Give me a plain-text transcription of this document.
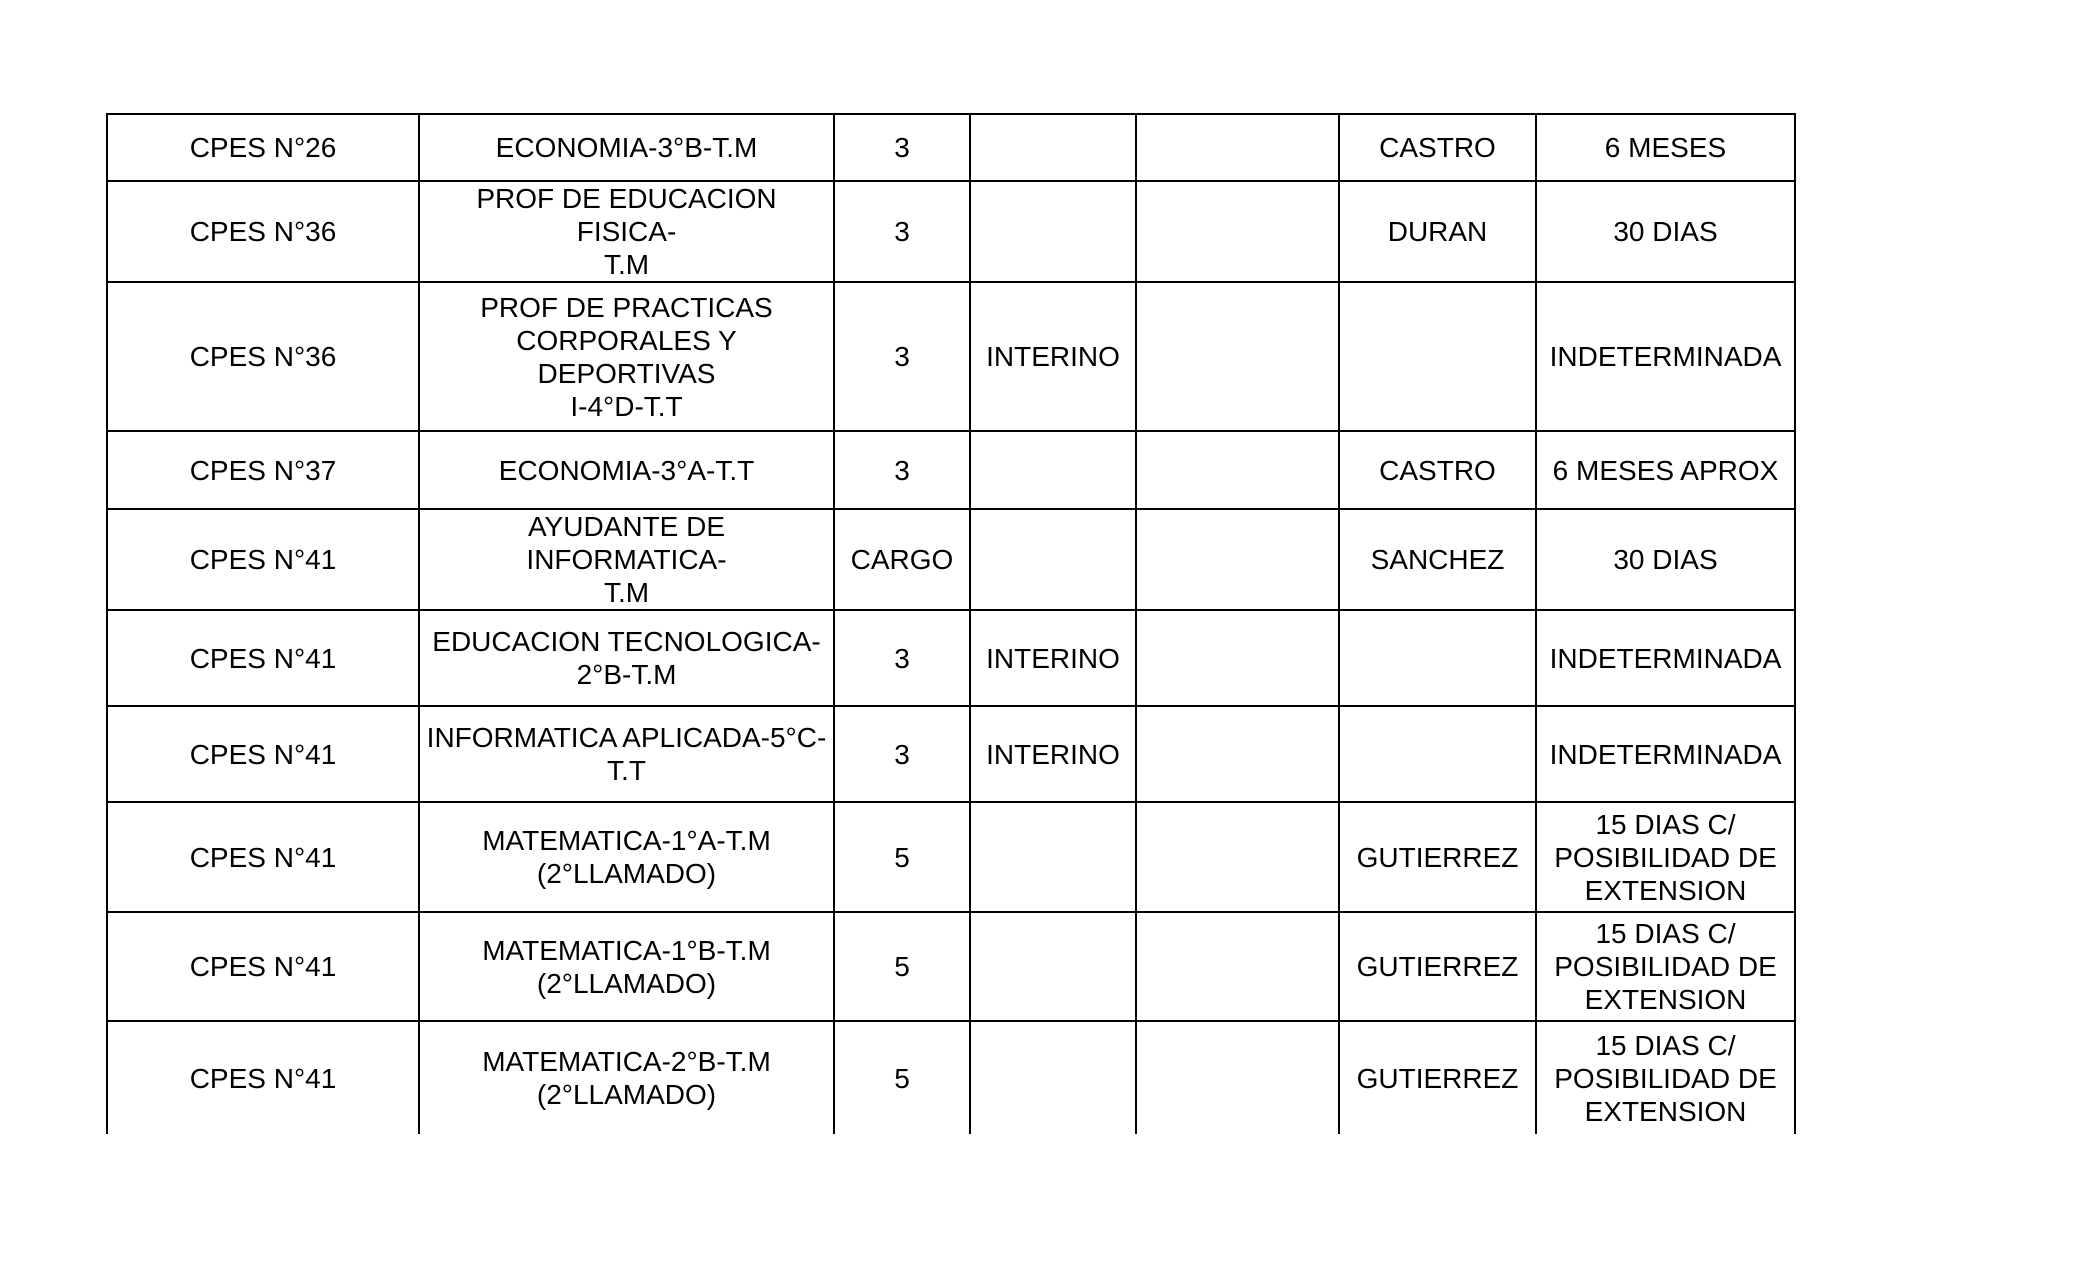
CPES N°26	ECONOMIA-3°B-T.M	3			CASTRO	6 MESES
CPES N°36	PROF DE EDUCACION FISICA-
T.M	3			DURAN	30 DIAS
CPES N°36	PROF DE PRACTICAS
CORPORALES Y DEPORTIVAS
I-4°D-T.T	3	INTERINO			INDETERMINADA
CPES N°37	ECONOMIA-3°A-T.T	3			CASTRO	6 MESES APROX
CPES N°41	AYUDANTE DE INFORMATICA-
T.M	CARGO			SANCHEZ	30 DIAS
CPES N°41	EDUCACION TECNOLOGICA-
2°B-T.M	3	INTERINO			INDETERMINADA
CPES N°41	INFORMATICA APLICADA-5°C-
T.T	3	INTERINO			INDETERMINADA
CPES N°41	MATEMATICA-1°A-T.M
(2°LLAMADO)	5			GUTIERREZ	15 DIAS C/
POSIBILIDAD DE
EXTENSION
CPES N°41	MATEMATICA-1°B-T.M
(2°LLAMADO)	5			GUTIERREZ	15 DIAS C/
POSIBILIDAD DE
EXTENSION
CPES N°41	MATEMATICA-2°B-T.M
(2°LLAMADO)	5			GUTIERREZ	15 DIAS C/
POSIBILIDAD DE
EXTENSION
